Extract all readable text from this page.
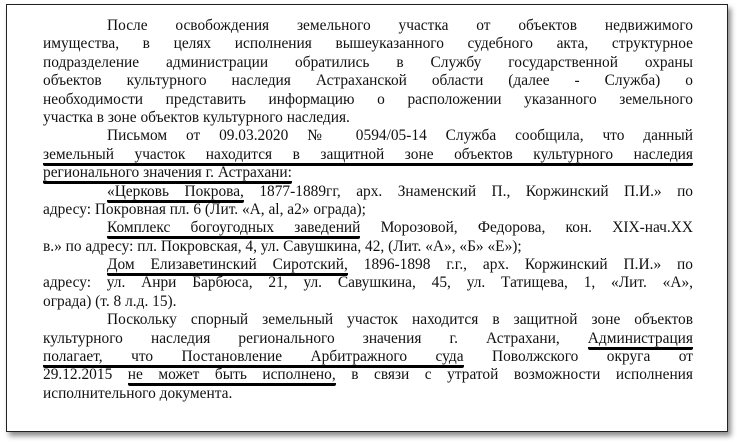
После освобождения земельного участка от объектов недвижимого
имущества, в целях исполнения вышеуказанного судебного акта, структурное
подразделение администрации обратились в Службу государственной охраны
объектов культурного наследия Астраханской области (далее - Служба) о
необходимости представить информацию о расположении указанного земельного
участка в зоне объектов культурного наследия.
Письмом от 09.03.2020 № 0594/05-14 Служба сообщила, что данный
земельный участок находится в защитной зоне объектов культурного наследия
регионального значения г. Астрахани:
«Церковь Покрова, 1877-1889гг, арх. Знаменский П., Коржинский П.И.» по
адресу: Покровная пл. 6 (Лит. «А, al, a2» ограда);
Комплекс богоугодных заведений Морозовой, Федорова, кон. XIX-нач.XX
в.» по адресу: пл. Покровская, 4, ул. Савушкина, 42, (Лит. «А», «Б» «Е»);
Дом Елизаветинский Сиротский, 1896-1898 г.г., арх. Коржинский П.И.» по
адресу: ул. Анри Барбюса, 21, ул. Савушкина, 45, ул. Татищева, 1, «Лит. «А»,
ограда) (т. 8 л.д. 15).
Поскольку спорный земельный участок находится в защитной зоне объектов
культурного наследия регионального значения г. Астрахани, Администрация
полагает, что Постановление Арбитражного суда Поволжского округа от
29.12.2015 не может быть исполнено, в связи с утратой возможности исполнения
исполнительного документа.
